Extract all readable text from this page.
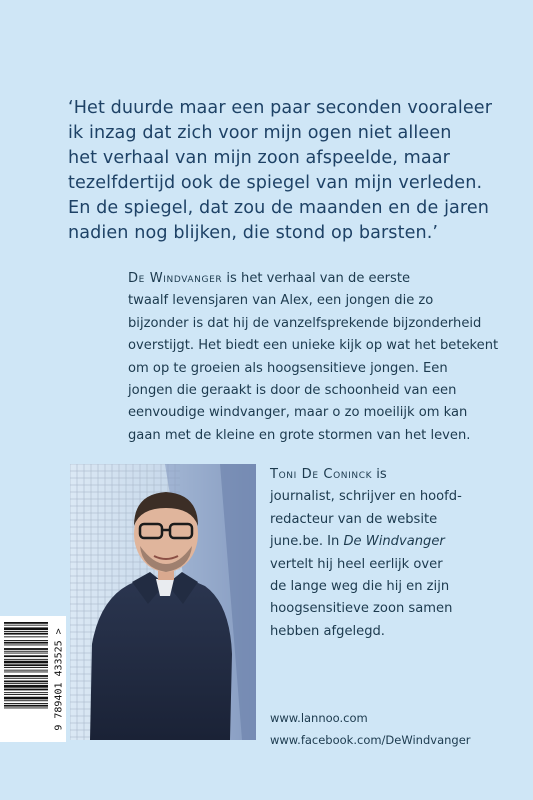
‘Het duurde maar een paar seconden vooraleer
ik inzag dat zich voor mijn ogen niet alleen
het verhaal van mijn zoon afspeelde, maar
tezelfdertijd ook de spiegel van mijn verleden.
En de spiegel, dat zou de maanden en de jaren
nadien nog blijken, die stond op barsten.’

De Windvanger is het verhaal van de eerste
twaalf levensjaren van Alex, een jongen die zo
bijzonder is dat hij de vanzelfsprekende bijzonderheid
overstijgt. Het biedt een unieke kijk op wat het betekent
om op te groeien als hoogsensitieve jongen. Een
jongen die geraakt is door de schoonheid van een
eenvoudige windvanger, maar o zo moeilijk om kan
gaan met de kleine en grote stormen van het leven.

Toni De Coninck is
journalist, schrijver en hoofd-
redacteur van de website
june.be. In De Windvanger
vertelt hij heel eerlijk over
de lange weg die hij en zijn
hoogsensitieve zoon samen
hebben afgelegd.

www.lannoo.com
www.facebook.com/DeWindvanger
9 789401 433525 >
